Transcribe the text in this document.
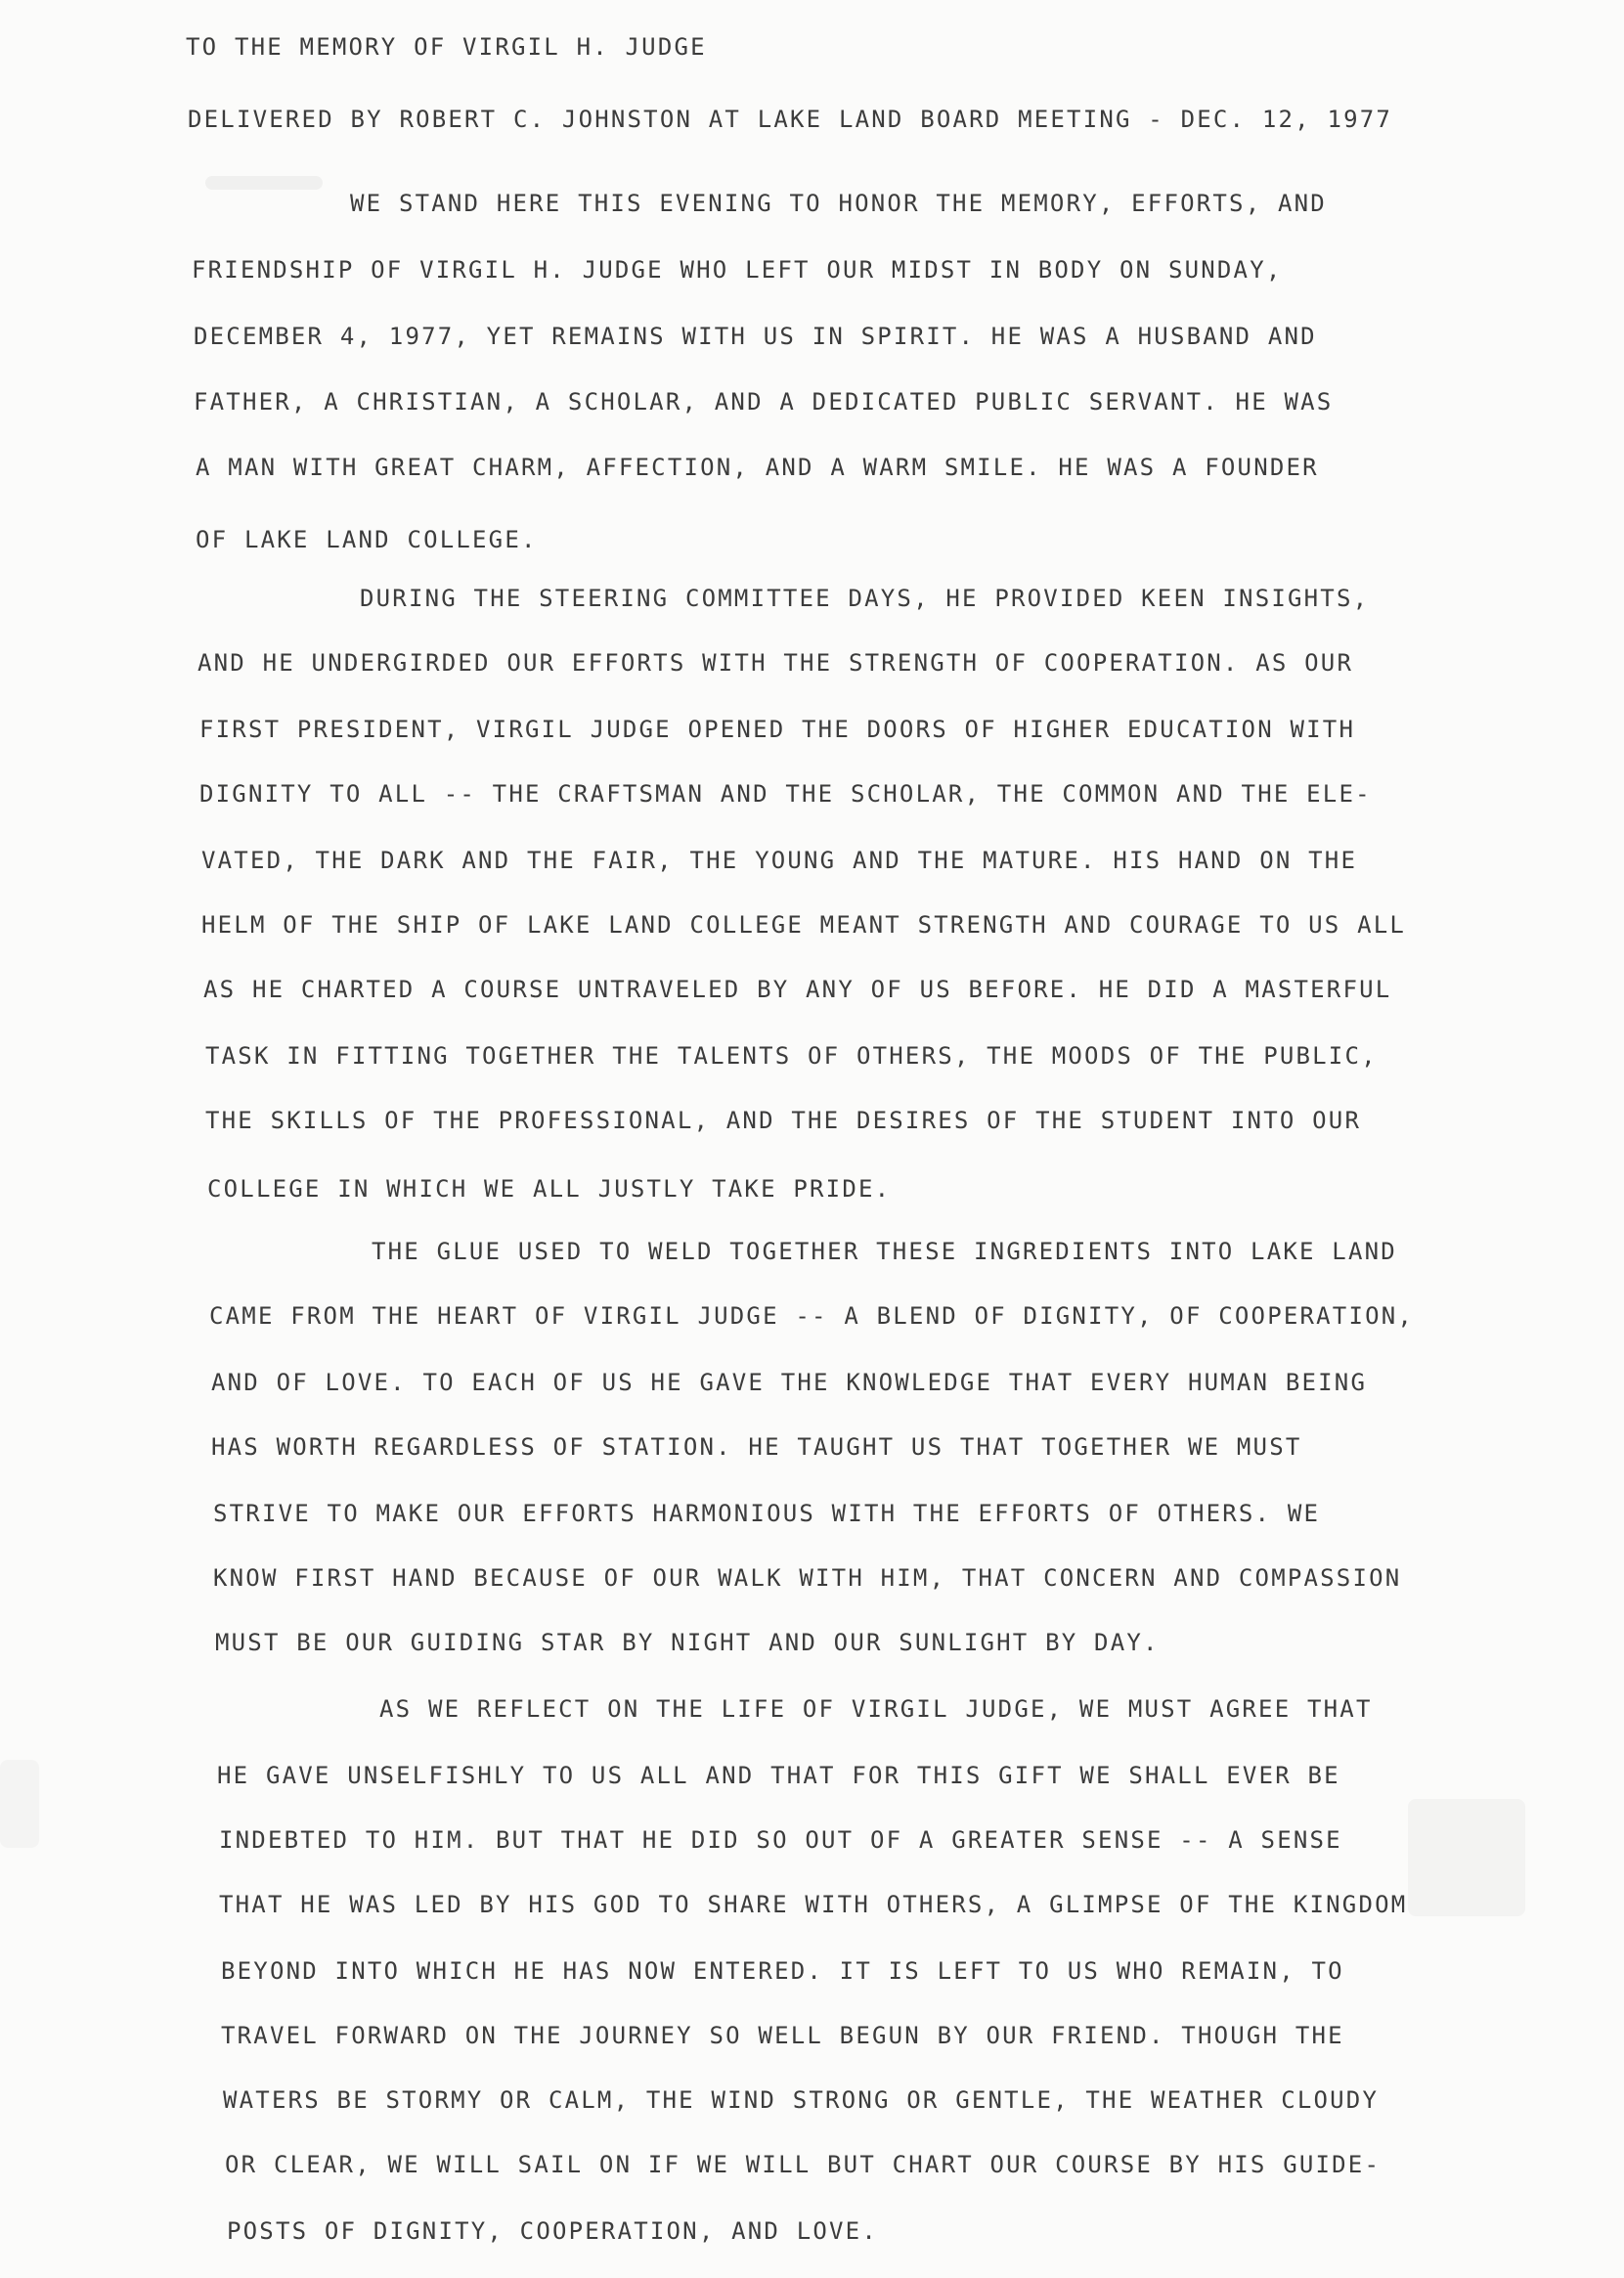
TO THE MEMORY OF VIRGIL H. JUDGE
DELIVERED BY ROBERT C. JOHNSTON AT LAKE LAND BOARD MEETING - DEC. 12, 1977
WE STAND HERE THIS EVENING TO HONOR THE MEMORY, EFFORTS, AND
FRIENDSHIP OF VIRGIL H. JUDGE WHO LEFT OUR MIDST IN BODY ON SUNDAY,
DECEMBER 4, 1977, YET REMAINS WITH US IN SPIRIT. HE WAS A HUSBAND AND
FATHER, A CHRISTIAN, A SCHOLAR, AND A DEDICATED PUBLIC SERVANT. HE WAS
A MAN WITH GREAT CHARM, AFFECTION, AND A WARM SMILE. HE WAS A FOUNDER
OF LAKE LAND COLLEGE.
DURING THE STEERING COMMITTEE DAYS, HE PROVIDED KEEN INSIGHTS,
AND HE UNDERGIRDED OUR EFFORTS WITH THE STRENGTH OF COOPERATION. AS OUR
FIRST PRESIDENT, VIRGIL JUDGE OPENED THE DOORS OF HIGHER EDUCATION WITH
DIGNITY TO ALL -- THE CRAFTSMAN AND THE SCHOLAR, THE COMMON AND THE ELE-
VATED, THE DARK AND THE FAIR, THE YOUNG AND THE MATURE. HIS HAND ON THE
HELM OF THE SHIP OF LAKE LAND COLLEGE MEANT STRENGTH AND COURAGE TO US ALL
AS HE CHARTED A COURSE UNTRAVELED BY ANY OF US BEFORE. HE DID A MASTERFUL
TASK IN FITTING TOGETHER THE TALENTS OF OTHERS, THE MOODS OF THE PUBLIC,
THE SKILLS OF THE PROFESSIONAL, AND THE DESIRES OF THE STUDENT INTO OUR
COLLEGE IN WHICH WE ALL JUSTLY TAKE PRIDE.
THE GLUE USED TO WELD TOGETHER THESE INGREDIENTS INTO LAKE LAND
CAME FROM THE HEART OF VIRGIL JUDGE -- A BLEND OF DIGNITY, OF COOPERATION,
AND OF LOVE. TO EACH OF US HE GAVE THE KNOWLEDGE THAT EVERY HUMAN BEING
HAS WORTH REGARDLESS OF STATION. HE TAUGHT US THAT TOGETHER WE MUST
STRIVE TO MAKE OUR EFFORTS HARMONIOUS WITH THE EFFORTS OF OTHERS. WE
KNOW FIRST HAND BECAUSE OF OUR WALK WITH HIM, THAT CONCERN AND COMPASSION
MUST BE OUR GUIDING STAR BY NIGHT AND OUR SUNLIGHT BY DAY.
AS WE REFLECT ON THE LIFE OF VIRGIL JUDGE, WE MUST AGREE THAT
HE GAVE UNSELFISHLY TO US ALL AND THAT FOR THIS GIFT WE SHALL EVER BE
INDEBTED TO HIM. BUT THAT HE DID SO OUT OF A GREATER SENSE -- A SENSE
THAT HE WAS LED BY HIS GOD TO SHARE WITH OTHERS, A GLIMPSE OF THE KINGDOM
BEYOND INTO WHICH HE HAS NOW ENTERED. IT IS LEFT TO US WHO REMAIN, TO
TRAVEL FORWARD ON THE JOURNEY SO WELL BEGUN BY OUR FRIEND. THOUGH THE
WATERS BE STORMY OR CALM, THE WIND STRONG OR GENTLE, THE WEATHER CLOUDY
OR CLEAR, WE WILL SAIL ON IF WE WILL BUT CHART OUR COURSE BY HIS GUIDE-
POSTS OF DIGNITY, COOPERATION, AND LOVE.
